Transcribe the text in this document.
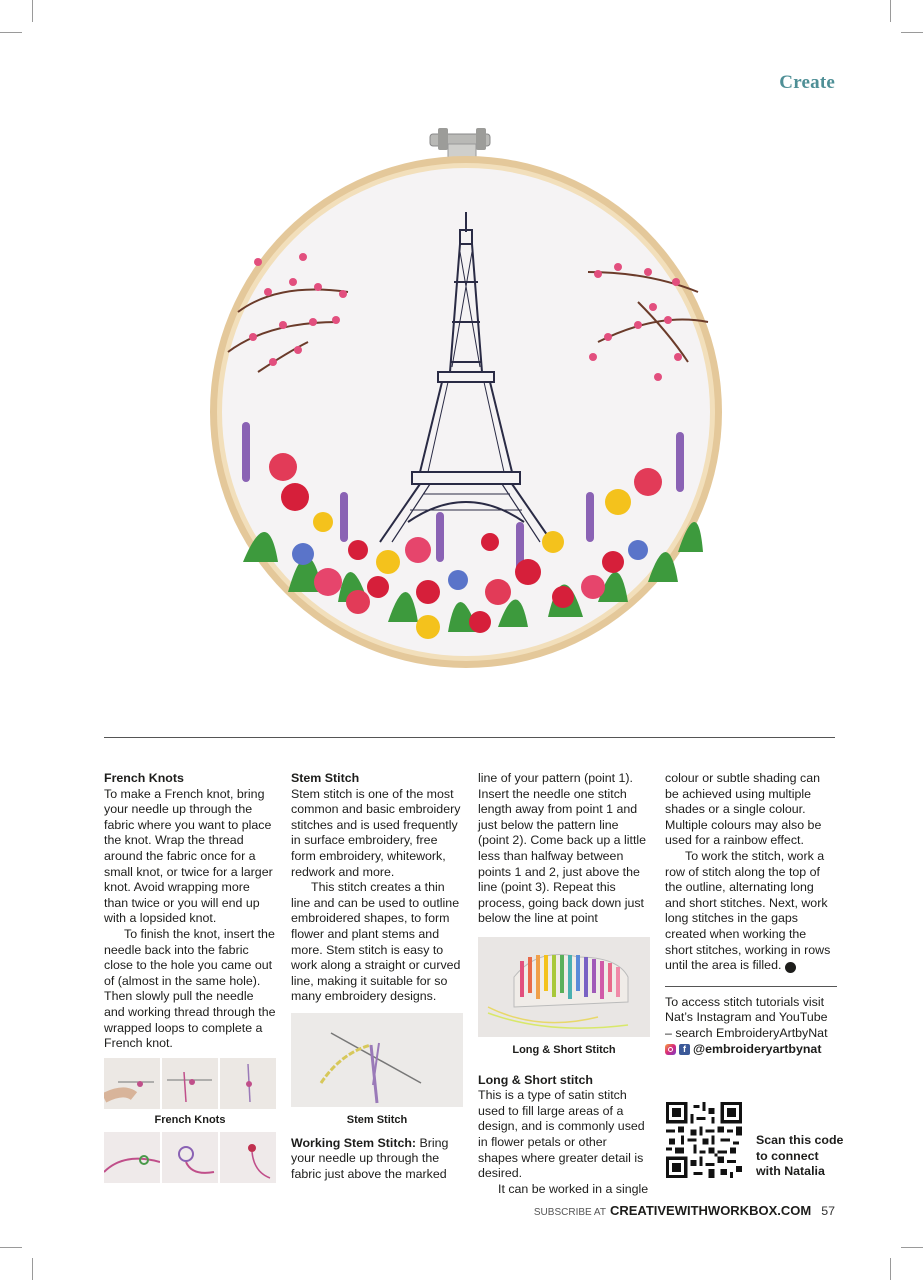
Create
French Knots

To make a French knot, bring your needle up through the fabric where you want to place the knot. Wrap the thread around the fabric once for a small knot, or twice for a larger knot. Avoid wrapping more than twice or you will end up with a lopsided knot.

To finish the knot, insert the needle back into the fabric close to the hole you came out of (almost in the same hole). Then slowly pull the needle and working thread through the wrapped loops to complete a French knot.

French Knots
Stem Stitch

Stem stitch is one of the most common and basic embroidery stitches and is used frequently in surface embroidery, free form embroidery, whitework, redwork and more.

This stitch creates a thin line and can be used to outline embroidered shapes, to form flower and plant stems and more. Stem stitch is easy to work along a straight or curved line, making it suitable for so many embroidery designs.

Stem Stitch

Working Stem Stitch: Bring your needle up through the fabric just above the marked

line of your pattern (point 1). Insert the needle one stitch length away from point 1 and just below the pattern line (point 2). Come back up a little less than halfway between points 1 and 2, just above the line (point 3). Repeat this process, going back down just below the line at point

Long & Short Stitch
Long & Short stitch

This is a type of satin stitch used to fill large areas of a design, and is commonly used in flower petals or other shapes where greater detail is desired.

It can be worked in a single

colour or subtle shading can be achieved using multiple shades or a single colour. Multiple colours may also be used for a rainbow effect.

To work the stitch, work a row of stitch along the top of the outline, alternating long and short stitches. Next, work long stitches in the gaps created when working the short stitches, working in rows until the area is filled.	◉

To access stitch tutorials visit Nat’s Instagram and YouTube – search EmbroideryArtbyNat

f @embroideryartbynat
Scan this code to connect with Natalia
SUBSCRIBE AT CREATIVEWITHWORKBOX.COM 57
